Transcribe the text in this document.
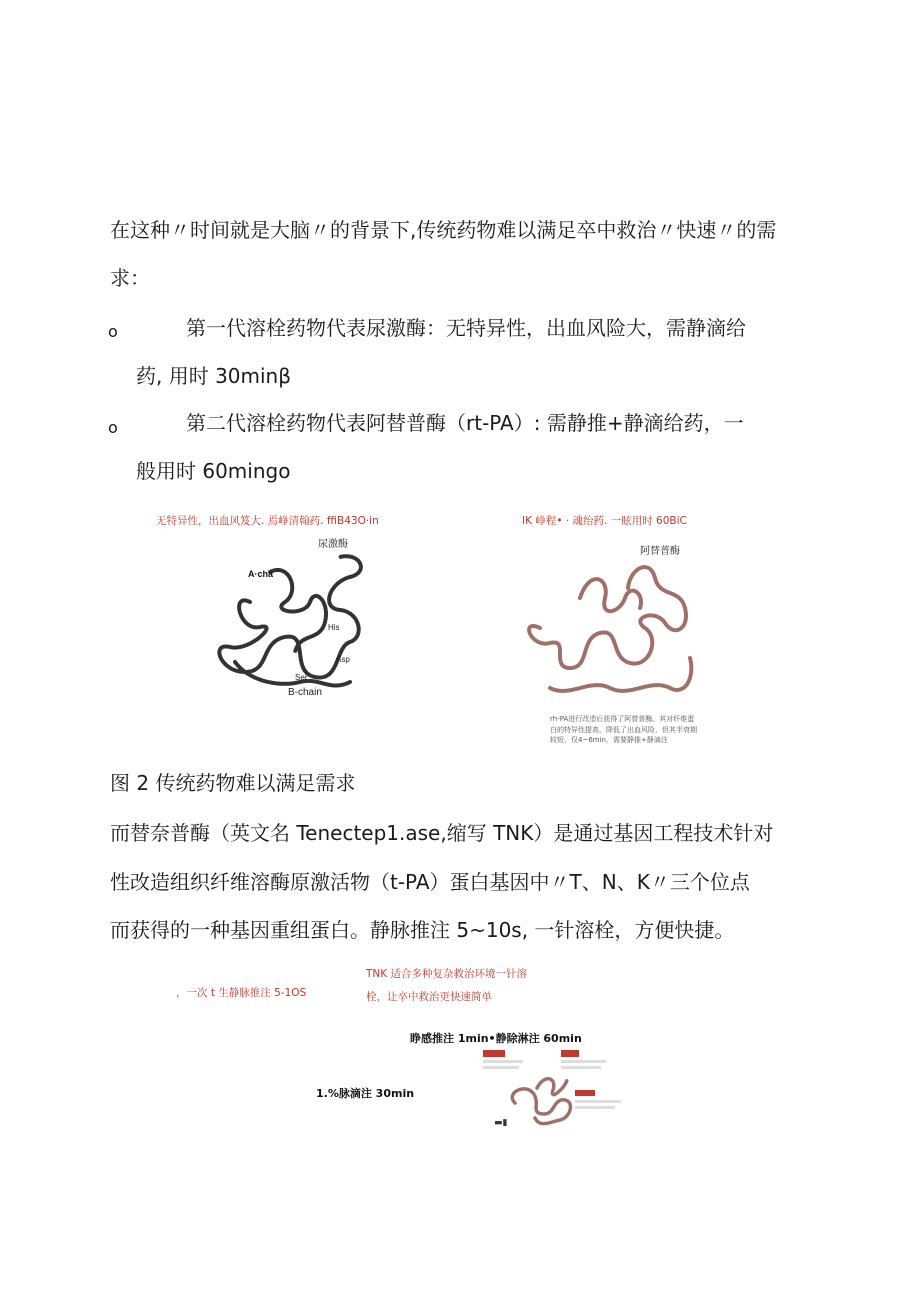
在这种〃时间就是大脑〃的背景下,传统药物难以满足卒中救治〃快速〃的需
求：
o	第一代溶栓药物代表尿激酶：无特异性，出血风险大，需静滴给
药, 用时 30minβ
o	第二代溶栓药物代表阿替普酶（rt-PA）: 需静推+静滴给药，一
般用时 60mingo
无特异性，出血风笈大. 焉峥清翰药. ffiB43O·in
尿激酶
A·cha
His
Asp
Ser
B-chain
IK 峥程• · 魂绐药. 一眩用时 60BiC
阿替普酶
rh-PA进行改造后获得了阿替普酶。其对纤维蛋白的特异性提高，降低了出血风险，但其半衰期较短，仅4~6min，需要静推+静滴注
图 2 传统药物难以满足需求
而替奈普酶（英文名 Tenectep1.ase,缩写 TNK）是通过基因工程技术针对
性改造组织纤维溶酶原激活物（t-PA）蛋白基因中〃T、N、K〃三个位点
而获得的一种基因重组蛋白。静脉推注 5~10s, 一针溶栓，方便快捷。
TNK 适合多种复杂救治环境一针溶
栓，让卒中救治更快速简单
，一次 t 生静脉推注 5-1OS
睁感推注 1min•静除淋注 60min
1.%脉滴注 30min
▬▮
